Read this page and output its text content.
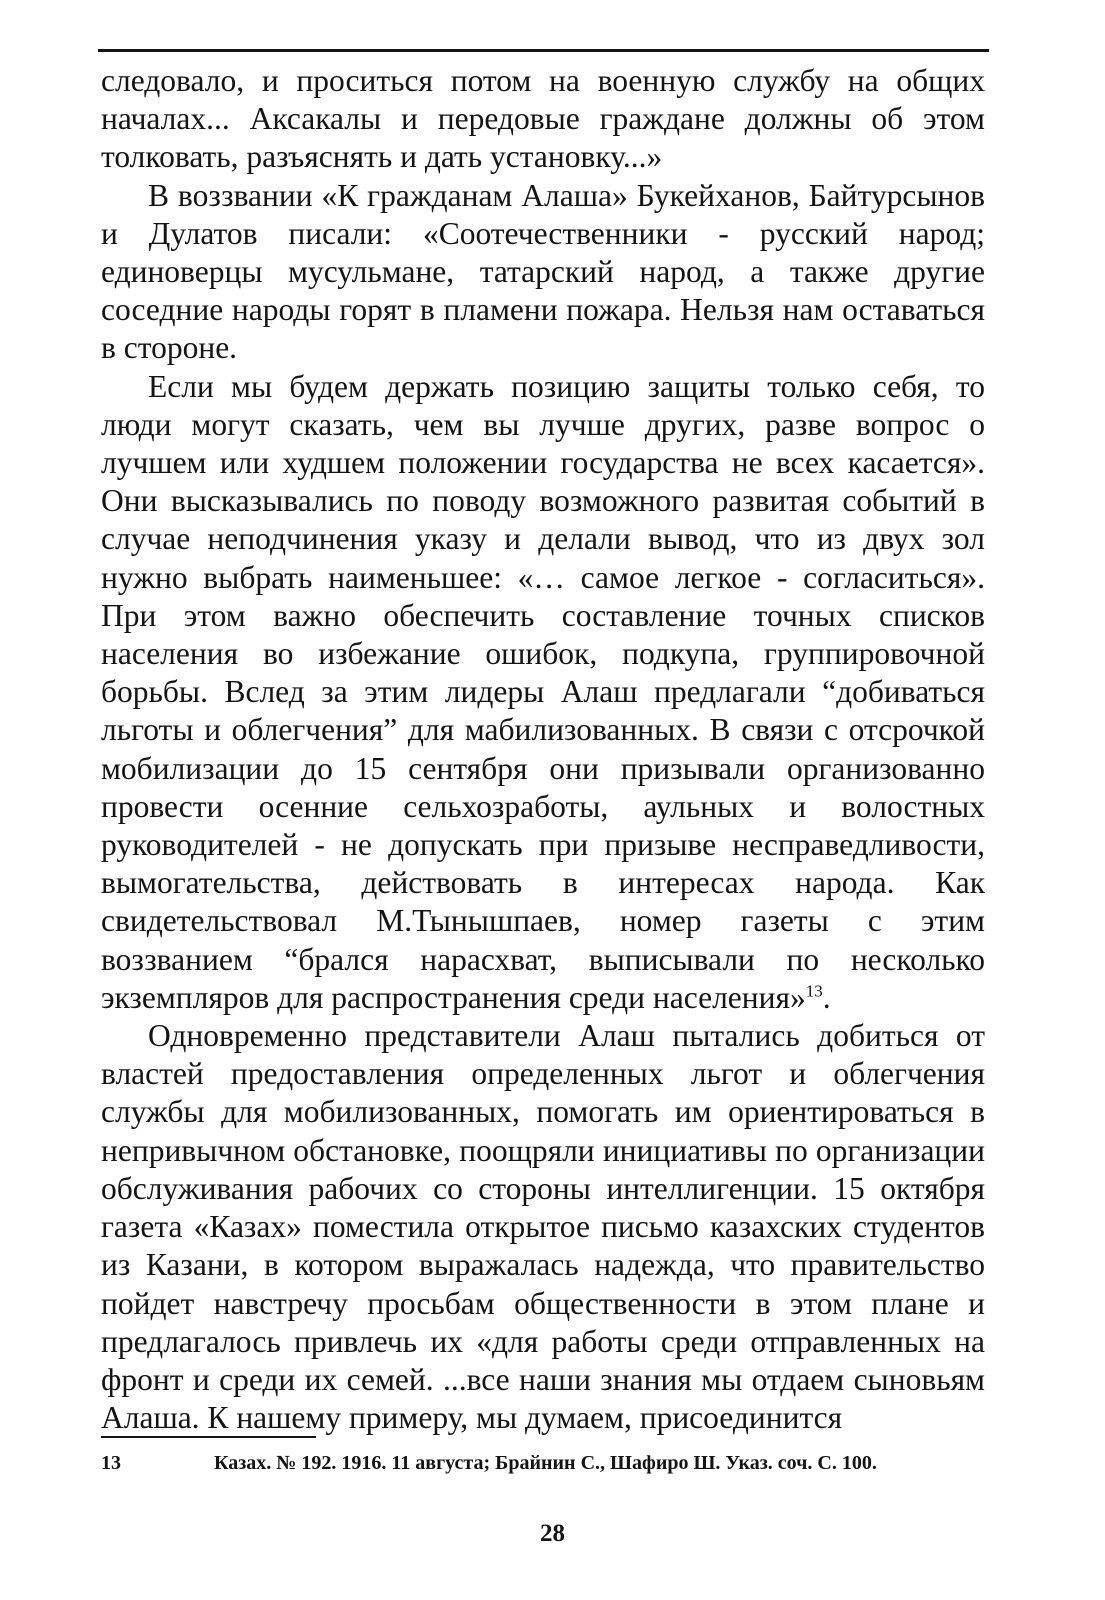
следовало, и проситься потом на военную службу на общих началах... Аксакалы и передовые граждане должны об этом толковать, разъяснять и дать установку...»

В воззвании «К гражданам Алаша» Букейханов, Байтурсынов и Дулатов писали: «Соотечественники - русский народ; единоверцы мусульмане, татарский народ, а также другие соседние народы горят в пламени пожара. Нельзя нам оставаться в стороне.

Если мы будем держать позицию защиты только себя, то люди могут сказать, чем вы лучше других, разве вопрос о лучшем или худшем положении государства не всех касается». Они высказывались по поводу возможного развитая событий в случае неподчинения указу и делали вывод, что из двух зол нужно выбрать наименьшее: «… самое легкое - согласиться». При этом важно обеспечить составление точных списков населения во избежание ошибок, подкупа, группировочной борьбы. Вслед за этим лидеры Алаш предлагали “добиваться льготы и облегчения” для мабилизованных. В связи с отсрочкой мобилизации до 15 сентября они призывали организованно провести осенние сельхозработы, аульных и волостных руководителей - не допускать при призыве несправедливости, вымогательства, действовать в интересах народа. Как свидетельствовал М.Тынышпаев, номер газеты с этим воззванием “брался нарасхват, выписывали по несколько экземпляров для распространения среди населения»$^{13}$.

Одновременно представители Алаш пытались добиться от властей предоставления определенных льгот и облегчения службы для мобилизованных, помогать им ориентироваться в непривычном обстановке, поощряли инициативы по организации обслуживания рабочих со стороны интеллигенции. 15 октября газета «Казах» поместила открытое письмо казахских студентов из Казани, в котором выражалась надежда, что правительство пойдет навстречу просьбам общественности в этом плане и предлагалось привлечь их «для работы среди отправленных на фронт и среди их семей. ...все наши знания мы отдаем сыновьям Алаша. К нашему примеру, мы думаем, присоединится

13	Казах. № 192. 1916. 11 августа; Брайнин С., Шафиро Ш. Указ. соч. С. 100.
28
